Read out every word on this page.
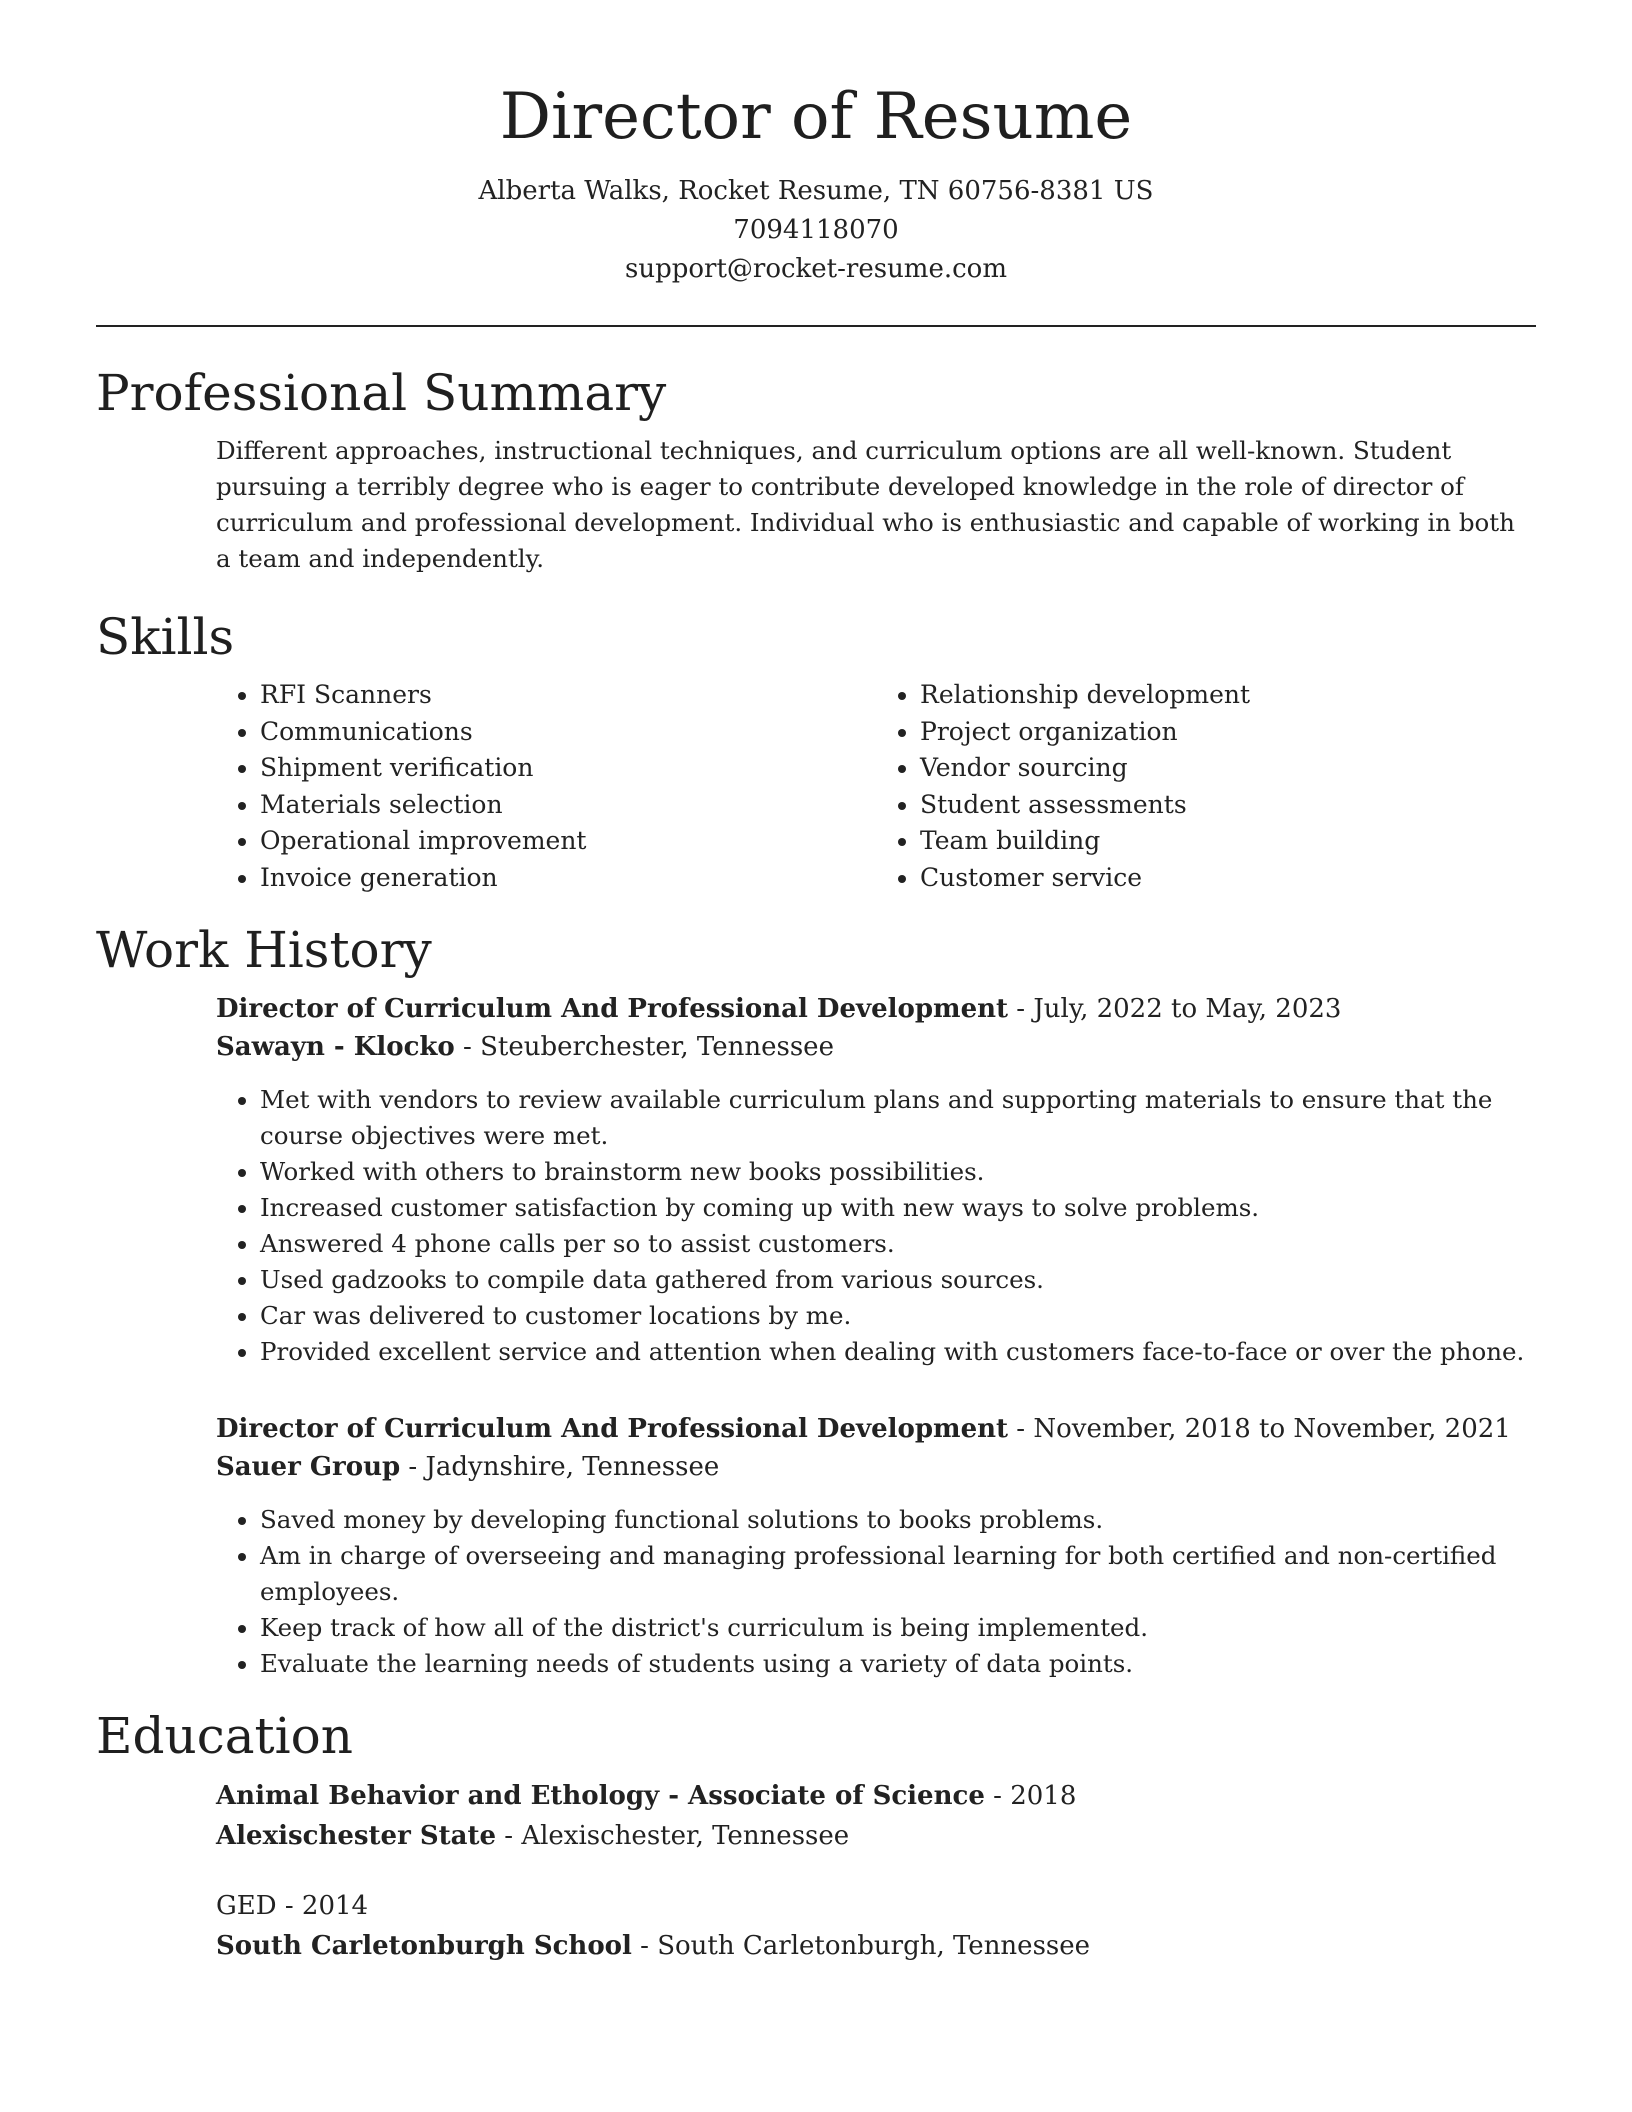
Director of Resume
Alberta Walks, Rocket Resume, TN 60756-8381 US
7094118070
support@rocket-resume.com
Professional Summary

Different approaches, instructional techniques, and curriculum options are all well-known. Student pursuing a terribly degree who is eager to contribute developed knowledge in the role of director of curriculum and professional development. Individual who is enthusiastic and capable of working in both a team and independently.

Skills
• RFI Scanners
• Communications
• Shipment verification
• Materials selection
• Operational improvement
• Invoice generation
• Relationship development
• Project organization
• Vendor sourcing
• Student assessments
• Team building
• Customer service
Work History
Director of Curriculum And Professional Development - July, 2022 to May, 2023
Sawayn - Klocko - Steuberchester, Tennessee
• Met with vendors to review available curriculum plans and supporting materials to ensure that the course objectives were met.
• Worked with others to brainstorm new books possibilities.
• Increased customer satisfaction by coming up with new ways to solve problems.
• Answered 4 phone calls per so to assist customers.
• Used gadzooks to compile data gathered from various sources.
• Car was delivered to customer locations by me.
• Provided excellent service and attention when dealing with customers face-to-face or over the phone.
Director of Curriculum And Professional Development - November, 2018 to November, 2021
Sauer Group - Jadynshire, Tennessee
• Saved money by developing functional solutions to books problems.
• Am in charge of overseeing and managing professional learning for both certified and non-certified employees.
• Keep track of how all of the district's curriculum is being implemented.
• Evaluate the learning needs of students using a variety of data points.
Education
Animal Behavior and Ethology - Associate of Science - 2018
Alexischester State - Alexischester, Tennessee
GED - 2014
South Carletonburgh School - South Carletonburgh, Tennessee
